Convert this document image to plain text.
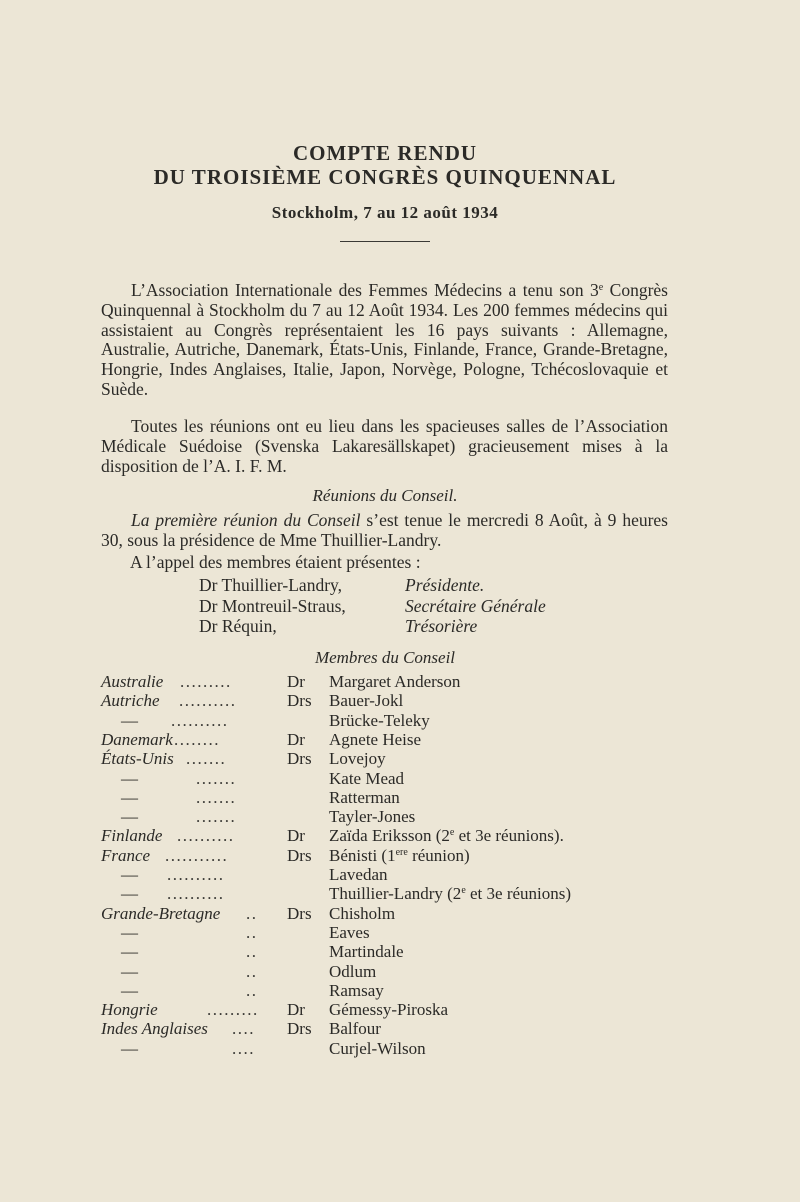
COMPTE RENDU
DU TROISIÈME CONGRÈS QUINQUENNAL
Stockholm, 7 au 12 août 1934

L’Association Internationale des Femmes Médecins a tenu son 3e Congrès Quinquennal à Stockholm du 7 au 12 Août 1934. Les 200 femmes médecins qui assistaient au Congrès représentaient les 16 pays suivants : Allemagne, Australie, Autriche, Danemark, États-Unis, Finlande, France, Grande-Bretagne, Hongrie, Indes Anglaises, Italie, Japon, Norvège, Pologne, Tchécoslovaquie et Suède.

Toutes les réunions ont eu lieu dans les spacieuses salles de l’Association Médicale Suédoise (Svenska Lakaresällskapet) gracieusement mises à la disposition de l’A. I. F. M.

Réunions du Conseil.

La première réunion du Conseil s’est tenue le mercredi 8 Août, à 9 heures 30, sous la présidence de Mme Thuillier-Landry.

A l’appel des membres étaient présentes :
Dr Thuillier-Landry,	Présidente.
Dr Montreuil-Straus,	Secrétaire Générale
Dr Réquin,	Trésorière
Membres du Conseil
Australie .........	Dr Margaret Anderson
Autriche ..........	Drs Bauer-Jokl
— ..........	Brücke-Teleky
Danemark ........	Dr Agnete Heise
États-Unis .......	Drs Lovejoy
—	.......	Kate Mead
—	.......	Ratterman
—	.......	Tayler-Jones
Finlande ..........	Dr Zaïda Eriksson (2e et 3e réunions).
France ...........	Drs Bénisti (1ere réunion)
— ..........	Lavedan
— ..........	Thuillier-Landry (2e et 3e réunions)
Grande-Bretagne .. Drs Chisholm
—	..	Eaves
—	..	Martindale
—	..	Odlum
—	..	Ramsay
Hongrie	......... Dr Gémessy-Piroska
Indes Anglaises .... Drs Balfour
—	....	Curjel-Wilson
